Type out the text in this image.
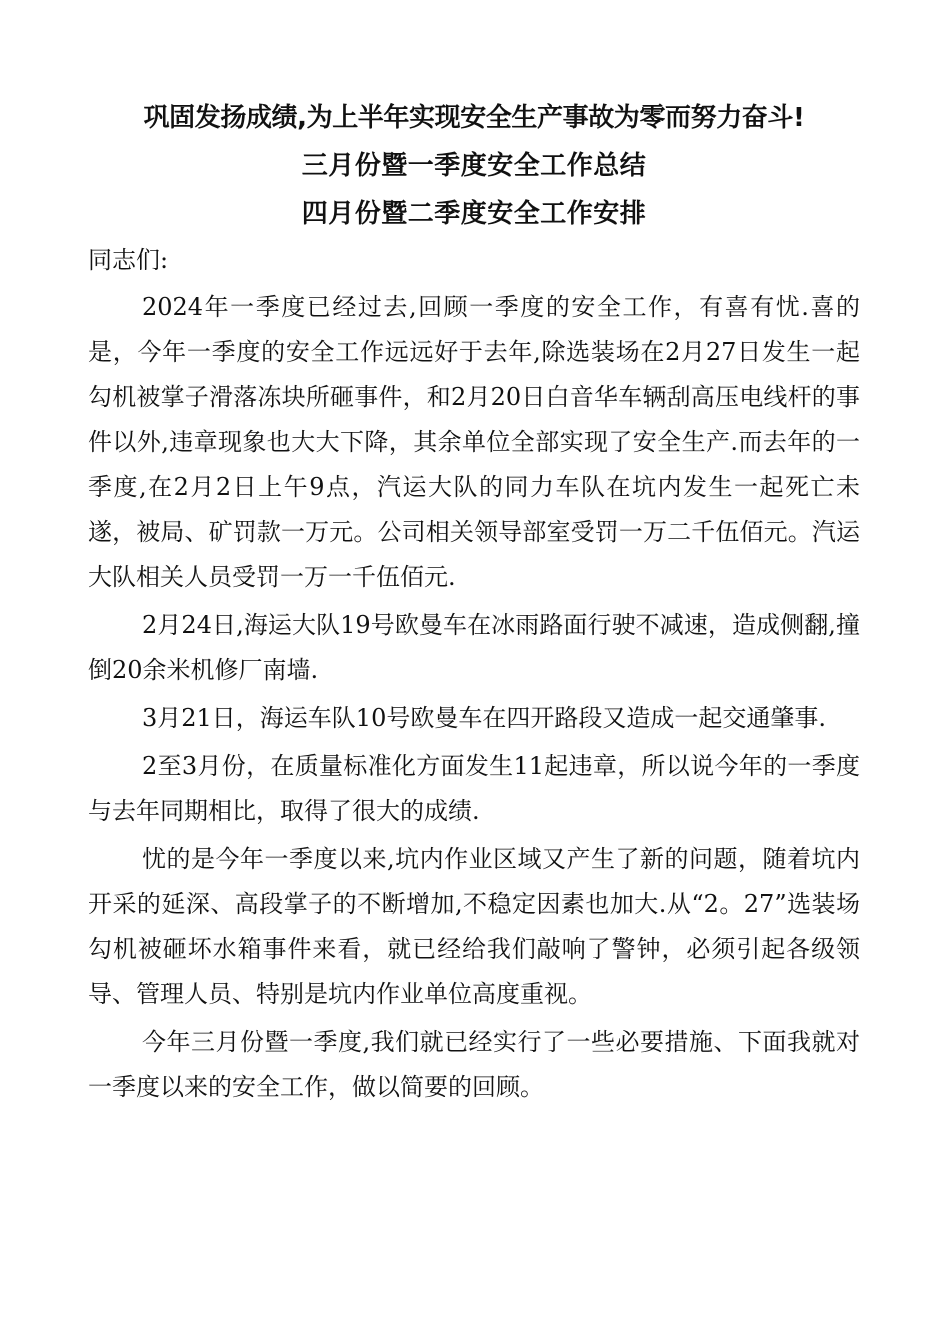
巩固发扬成绩,为上半年实现安全生产事故为零而努力奋斗!
三月份暨一季度安全工作总结
四月份暨二季度安全工作安排

同志们:

2024年一季度已经过去,回顾一季度的安全工作，有喜有忧.喜的是，今年一季度的安全工作远远好于去年,除选装场在2月27日发生一起勾机被掌子滑落冻块所砸事件，和2月20日白音华车辆刮高压电线杆的事件以外,违章现象也大大下降，其余单位全部实现了安全生产.而去年的一季度,在2月2日上午9点，汽运大队的同力车队在坑内发生一起死亡未遂，被局、矿罚款一万元。公司相关领导部室受罚一万二千伍佰元。汽运大队相关人员受罚一万一千伍佰元.

2月24日,海运大队19号欧曼车在冰雨路面行驶不减速，造成侧翻,撞倒20余米机修厂南墙.

3月21日，海运车队10号欧曼车在四开路段又造成一起交通肇事.

2至3月份，在质量标准化方面发生11起违章，所以说今年的一季度与去年同期相比，取得了很大的成绩.

忧的是今年一季度以来,坑内作业区域又产生了新的问题，随着坑内开采的延深、高段掌子的不断增加,不稳定因素也加大.从“2。27”选装场勾机被砸坏水箱事件来看，就已经给我们敲响了警钟，必须引起各级领导、管理人员、特别是坑内作业单位高度重视。

今年三月份暨一季度,我们就已经实行了一些必要措施、下面我就对一季度以来的安全工作，做以简要的回顾。
